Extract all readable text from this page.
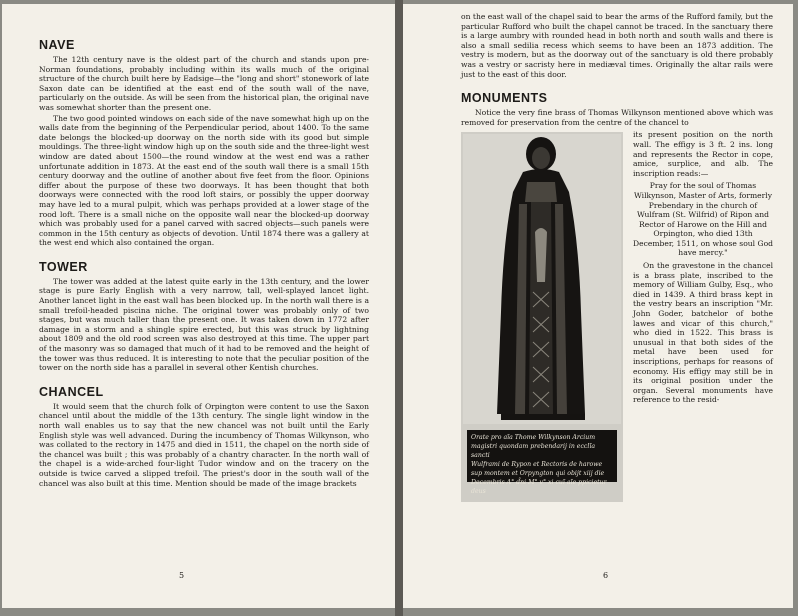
NAVE

The 12th century nave is the oldest part of the church and stands upon pre-Norman foundations, probably including within its walls much of the original structure of the church built here by Eadsige—the "long and short" stonework of late Saxon date can be identified at the east end of the south wall of the nave, particularly on the outside. As will be seen from the historical plan, the original nave was somewhat shorter than the present one.

The two good pointed windows on each side of the nave somewhat high up on the walls date from the beginning of the Perpendicular period, about 1400. To the same date belongs the blocked-up doorway on the north side with its good but simple mouldings. The three-light window high up on the south side and the three-light west window are dated about 1500—the round window at the west end was a rather unfortunate addition in 1873. At the east end of the south wall there is a small 15th century doorway and the outline of another about five feet from the floor. Opinions differ about the purpose of these two doorways. It has been thought that both doorways were connected with the rood loft stairs, or possibly the upper doorway may have led to a mural pulpit, which was perhaps provided at a lower stage of the rood loft. There is a small niche on the opposite wall near the blocked-up doorway which was probably used for a panel carved with sacred objects—such panels were common in the 15th century as objects of devotion. Until 1874 there was a gallery at the west end which also contained the organ.

TOWER

The tower was added at the latest quite early in the 13th century, and the lower stage is pure Early English with a very narrow, tall, well-splayed lancet light. Another lancet light in the east wall has been blocked up. In the north wall there is a small trefoil-headed piscina niche. The original tower was probably only of two stages, but was much taller than the present one. It was taken down in 1772 after damage in a storm and a shingle spire erected, but this was struck by lightning about 1809 and the old rood screen was also destroyed at this time. The upper part of the masonry was so damaged that much of it had to be removed and the height of the tower was thus reduced. It is interesting to note that the peculiar position of the tower on the north side has a parallel in several other Kentish churches.

CHANCEL

It would seem that the church folk of Orpington were content to use the Saxon chancel until about the middle of the 13th century. The single light window in the north wall enables us to say that the new chancel was not built until the Early English style was well advanced. During the incumbency of Thomas Wilkynson, who was collated to the rectory in 1475 and died in 1511, the chapel on the north side of the chancel was built ; this was probably of a chantry character. In the north wall of the chapel is a wide-arched four-light Tudor window and on the tracery on the outside is twice carved a slipped trefoil. The priest's door in the south wall of the chancel was also built at this time. Mention should be made of the image brackets

5

on the east wall of the chapel said to bear the arms of the Rufford family, but the particular Rufford who built the chapel cannot be traced. In the sanctuary there is a large aumbry with rounded head in both north and south walls and there is also a small sedilia recess which seems to have been an 1873 addition. The vestry is modern, but as the doorway out of the sanctuary is old there probably was a vestry or sacristy here in mediæval times. Originally the altar rails were just to the east of this door.

MONUMENTS

Notice the very fine brass of Thomas Wilkynson mentioned above which was removed for preservation from the centre of the chancel to

Orate pro aĩa Thome Wilkynson Arcium
magistri quondam prebendarij in ecclĩa sancti
Wulframi de Rypon et Rectoris de harowe
sup montem et Orpyngton qui obijt xiij die
Decembris A° d̃ni M° v° xi cuĩ aĩe ppicietur deus

its present position on the north wall. The effigy is 3 ft. 2 ins. long and represents the Rector in cope, amice, surplice, and alb. The inscription reads:—

Pray for the soul of Thomas Wilkynson, Master of Arts, formerly Prebendary in the church of Wulfram (St. Wilfrid) of Ripon and Rector of Harowe on the Hill and Orpington, who died 13th December, 1511, on whose soul God have mercy."

On the gravestone in the chancel is a brass plate, inscribed to the memory of William Gulby, Esq., who died in 1439. A third brass kept in the vestry bears an inscription "Mr. John Goder, batchelor of bothe lawes and vicar of this church," who died in 1522. This brass is unusual in that both sides of the metal have been used for inscriptions, perhaps for reasons of economy. His effigy may still be in its original position under the organ. Several monuments have reference to the resid-

6
